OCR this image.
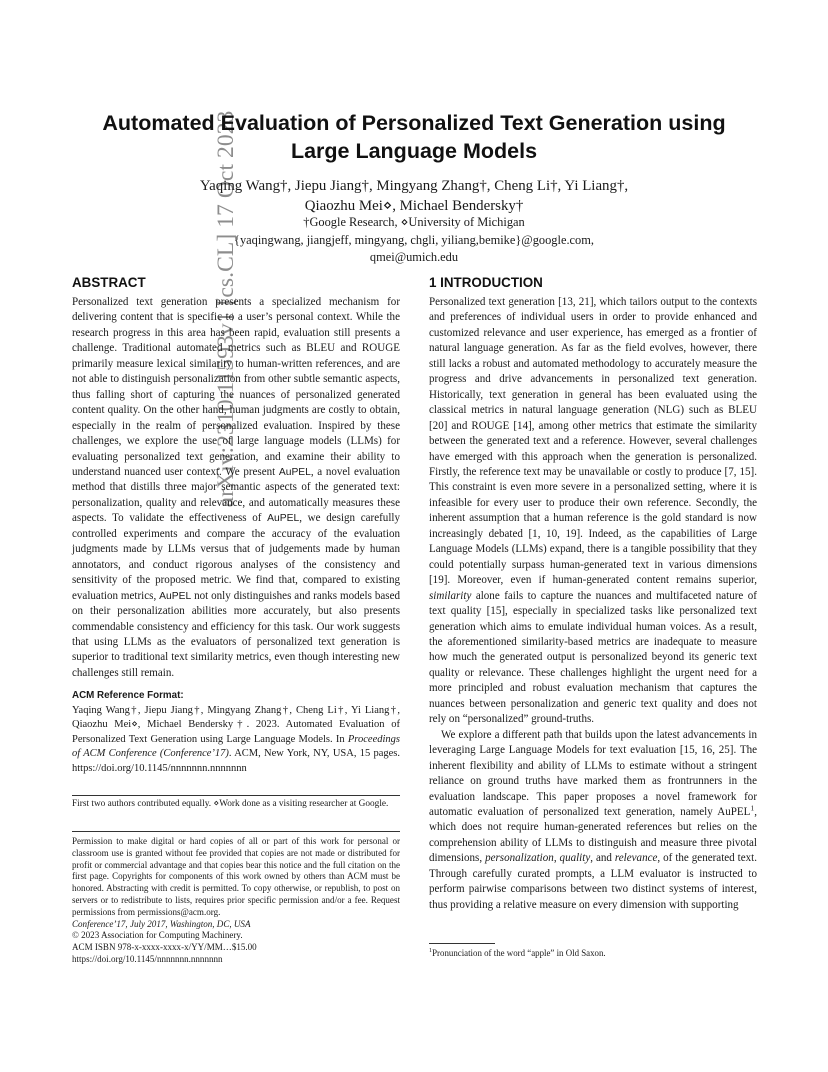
arXiv:2310.11593v1 [cs.CL] 17 Oct 2023
Automated Evaluation of Personalized Text Generation using
Large Language Models
Yaqing Wang†, Jiepu Jiang†, Mingyang Zhang†, Cheng Li†, Yi Liang†,
Qiaozhu Mei⋄, Michael Bendersky†
†Google Research, ⋄University of Michigan
{yaqingwang, jiangjeff, mingyang, chgli, yiliang,bemike}@google.com,
qmei@umich.edu
ABSTRACT

Personalized text generation presents a specialized mechanism for delivering content that is specific to a user’s personal context. While the research progress in this area has been rapid, evaluation still presents a challenge. Traditional automated metrics such as BLEU and ROUGE primarily measure lexical similarity to human-written references, and are not able to distinguish personalization from other subtle semantic aspects, thus falling short of capturing the nuances of personalized generated content quality. On the other hand, human judgments are costly to obtain, especially in the realm of personalized evaluation. Inspired by these challenges, we explore the use of large language models (LLMs) for evaluating personalized text generation, and examine their ability to understand nuanced user context. We present AuPEL, a novel evaluation method that distills three major semantic aspects of the generated text: personalization, quality and relevance, and automatically measures these aspects. To validate the effectiveness of AuPEL, we design carefully controlled experiments and compare the accuracy of the evaluation judgments made by LLMs versus that of judgements made by human annotators, and conduct rigorous analyses of the consistency and sensitivity of the proposed metric. We find that, compared to existing evaluation metrics, AuPEL not only distinguishes and ranks models based on their personalization abilities more accurately, but also presents commendable consistency and efficiency for this task. Our work suggests that using LLMs as the evaluators of personalized text generation is superior to traditional text similarity metrics, even though interesting new challenges still remain.

ACM Reference Format:

Yaqing Wang†, Jiepu Jiang†, Mingyang Zhang†, Cheng Li†, Yi Liang†, Qiaozhu Mei⋄, Michael Bendersky†. 2023. Automated Evaluation of Personalized Text Generation using Large Language Models. In Proceedings of ACM Conference (Conference’17). ACM, New York, NY, USA, 15 pages. https://doi.org/10.1145/nnnnnnn.nnnnnnn

First two authors contributed equally. ⋄Work done as a visiting researcher at Google.

Permission to make digital or hard copies of all or part of this work for personal or classroom use is granted without fee provided that copies are not made or distributed for profit or commercial advantage and that copies bear this notice and the full citation on the first page. Copyrights for components of this work owned by others than ACM must be honored. Abstracting with credit is permitted. To copy otherwise, or republish, to post on servers or to redistribute to lists, requires prior specific permission and/or a fee. Request permissions from permissions@acm.org.

Conference’17, July 2017, Washington, DC, USA

© 2023 Association for Computing Machinery.

ACM ISBN 978-x-xxxx-xxxx-x/YY/MM…$15.00

https://doi.org/10.1145/nnnnnnn.nnnnnnn

1 INTRODUCTION

Personalized text generation [13, 21], which tailors output to the contexts and preferences of individual users in order to provide enhanced and customized relevance and user experience, has emerged as a frontier of natural language generation. As far as the field evolves, however, there still lacks a robust and automated methodology to accurately measure the progress and drive advancements in personalized text generation. Historically, text generation in general has been evaluated using the classical metrics in natural language generation (NLG) such as BLEU [20] and ROUGE [14], among other metrics that estimate the similarity between the generated text and a reference. However, several challenges have emerged with this approach when the generation is personalized. Firstly, the reference text may be unavailable or costly to produce [7, 15]. This constraint is even more severe in a personalized setting, where it is infeasible for every user to produce their own reference. Secondly, the inherent assumption that a human reference is the gold standard is now increasingly debated [1, 10, 19]. Indeed, as the capabilities of Large Language Models (LLMs) expand, there is a tangible possibility that they could potentially surpass human-generated text in various dimensions [19]. Moreover, even if human-generated content remains superior, similarity alone fails to capture the nuances and multifaceted nature of text quality [15], especially in specialized tasks like personalized text generation which aims to emulate individual human voices. As a result, the aforementioned similarity-based metrics are inadequate to measure how much the generated output is personalized beyond its generic text quality or relevance. These challenges highlight the urgent need for a more principled and robust evaluation mechanism that captures the nuances between personalization and generic text quality and does not rely on “personalized” ground-truths.

We explore a different path that builds upon the latest advancements in leveraging Large Language Models for text evaluation [15, 16, 25]. The inherent flexibility and ability of LLMs to estimate without a stringent reliance on ground truths have marked them as frontrunners in the evaluation landscape. This paper proposes a novel framework for automatic evaluation of personalized text generation, namely AuPEL$^1$, which does not require human-generated references but relies on the comprehension ability of LLMs to distinguish and measure three pivotal dimensions, personalization, quality, and relevance, of the generated text. Through carefully curated prompts, a LLM evaluator is instructed to perform pairwise comparisons between two distinct systems of interest, thus providing a relative measure on every dimension with supporting

$^1$Pronunciation of the word “apple” in Old Saxon.
